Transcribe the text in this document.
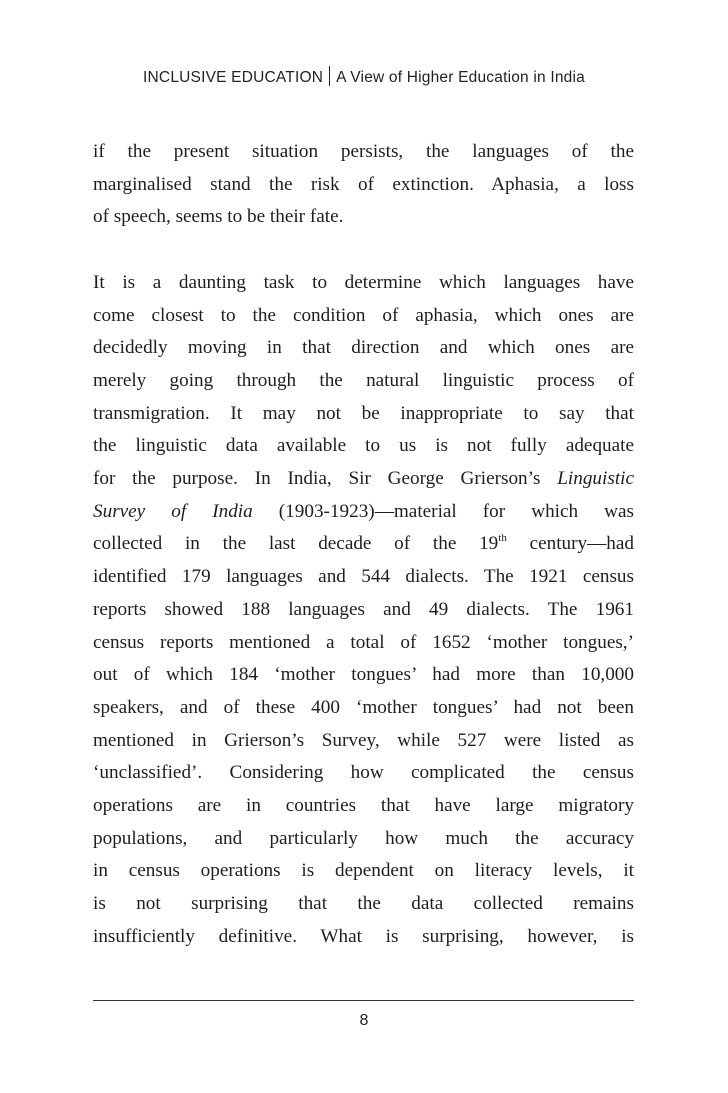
INCLUSIVE EDUCATION A View of Higher Education in India

if the present situation persists, the languages of the
marginalised stand the risk of extinction. Aphasia, a loss
of speech, seems to be their fate.

It is a daunting task to determine which languages have
come closest to the condition of aphasia, which ones are
decidedly moving in that direction and which ones are
merely going through the natural linguistic process of
transmigration. It may not be inappropriate to say that
the linguistic data available to us is not fully adequate
for the purpose. In India, Sir George Grierson’s Linguistic
Survey of India (1903-1923)—material for which was
collected in the last decade of the 19th century—had
identified 179 languages and 544 dialects. The 1921 census
reports showed 188 languages and 49 dialects. The 1961
census reports mentioned a total of 1652 ‘mother tongues,’
out of which 184 ‘mother tongues’ had more than 10,000
speakers, and of these 400 ‘mother tongues’ had not been
mentioned in Grierson’s Survey, while 527 were listed as
‘unclassified’. Considering how complicated the census
operations are in countries that have large migratory
populations, and particularly how much the accuracy
in census operations is dependent on literacy levels, it
is not surprising that the data collected remains
insufficiently definitive. What is surprising, however, is

8
